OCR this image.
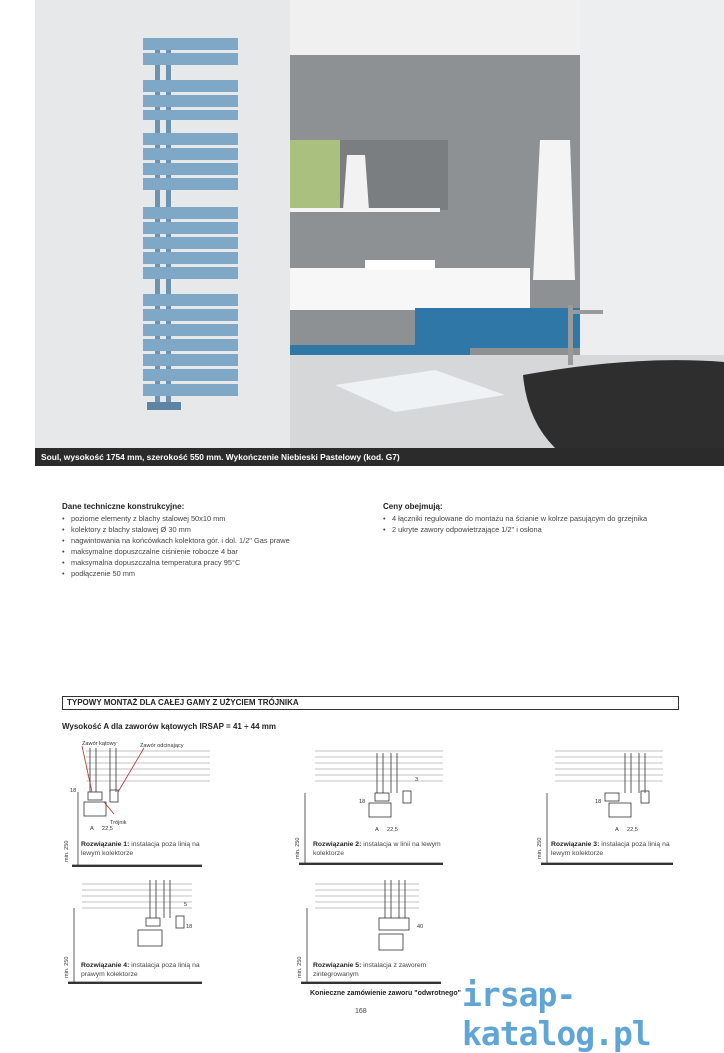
Soul, wysokość 1754 mm, szerokość 550 mm. Wykończenie Niebieski Pastelowy (kod. G7)
Dane techniczne konstrukcyjne:
• poziome elementy z blachy stalowej 50x10 mm
• kolektory z blachy stalowej Ø 30 mm
• nagwintowania na końcówkach kolektora gór. i dol. 1/2" Gas prawe
• maksymalne dopuszczalne ciśnienie robocze 4 bar
• maksymalna dopuszczalna temperatura pracy 95°C
• podłączenie 50 mm
Ceny obejmują:
• 4 łączniki regulowane do montażu na ścianie w kolrze pasującym do grzejnika
• 2 ukryte zawory odpowietrzające 1/2" i osłona
TYPOWY MONTAŻ DLA CAŁEJ GAMY Z UŻYCIEM TRÓJNIKA
Wysokość A dla zaworów kątowych IRSAP = 41 ÷ 44 mm
Zawór kątowy	Zawór odcinający
Trójnik
18
A 22,5
min. 250 Rozwiązanie 1: instalacja poza linią na lewym kolektorze
3
18
A 22,5
min. 250 Rozwiązanie 2: instalacja w linii na lewym kolektorze
18
A 22,5
min. 250 Rozwiązanie 3: instalacja poza linią na lewym kolektorze
5
18
min. 250 Rozwiązanie 4: instalacja poza linią na prawym kolektorze
40
min. 250 Rozwiązanie 5: instalacja z zaworem zintegrowanym
Konieczne zamówienie zaworu "odwrotnego" irsap-katalog.pl
168
